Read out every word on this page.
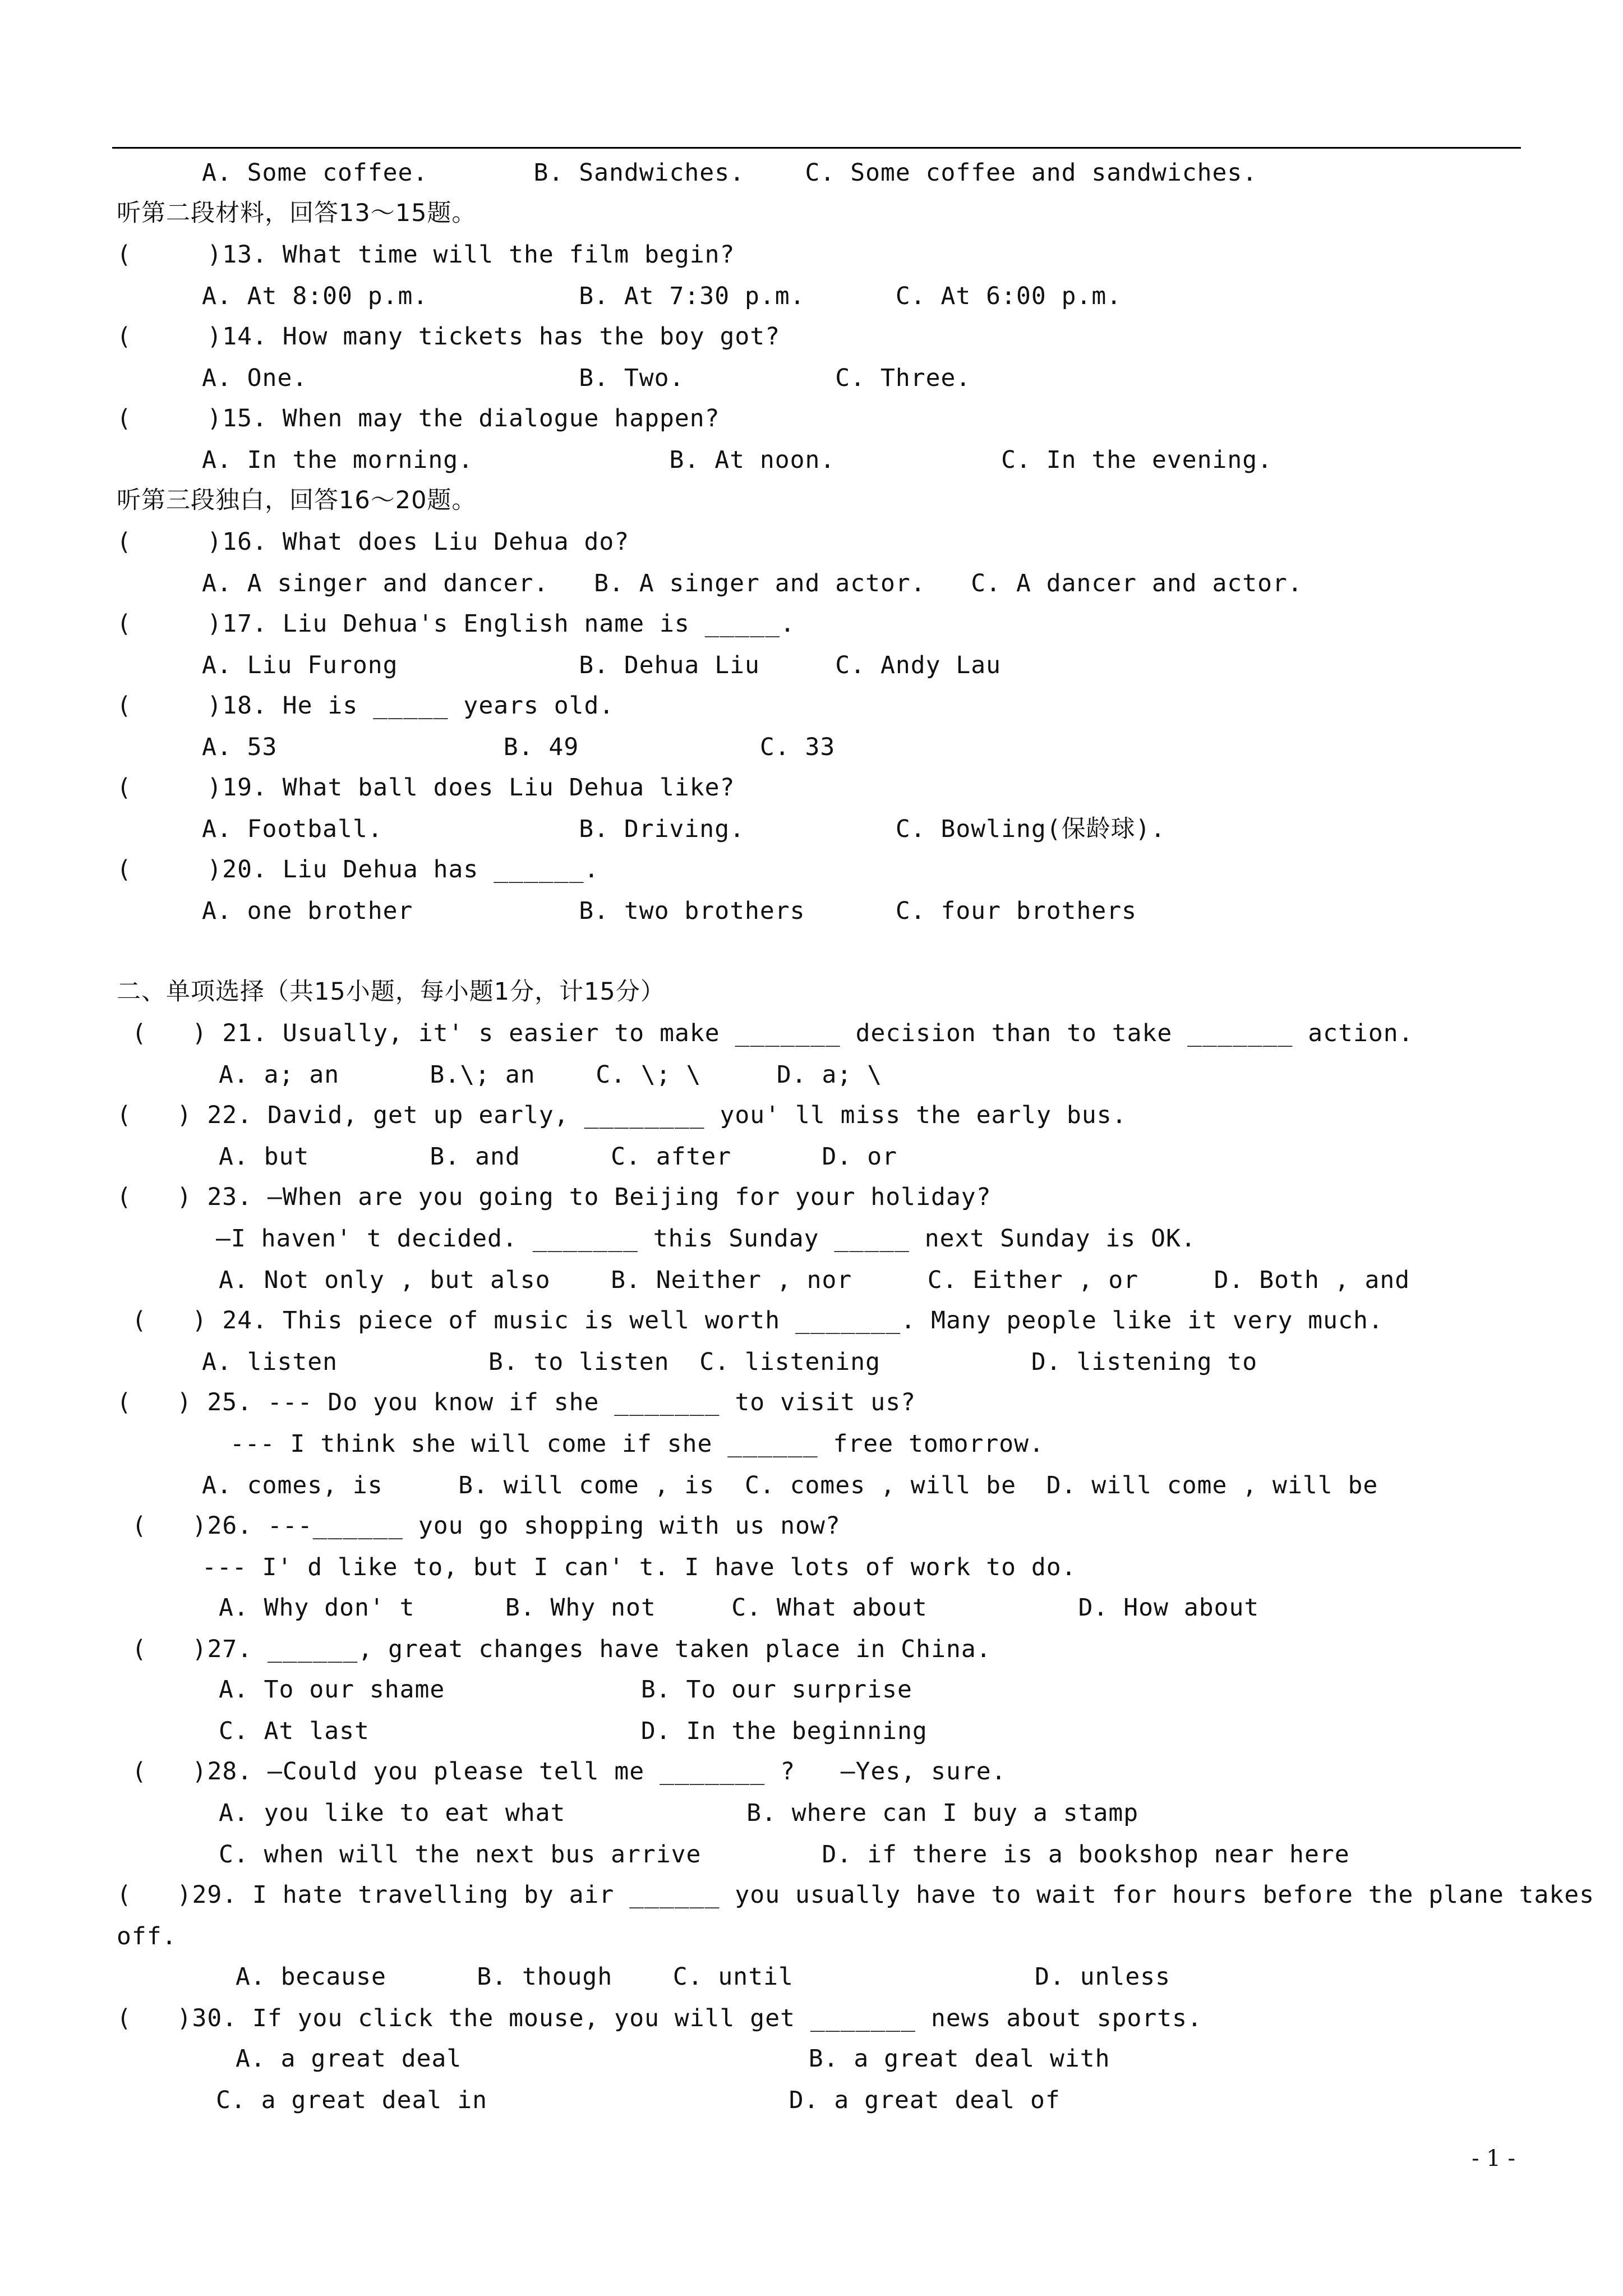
A. Some coffee.       B. Sandwiches.    C. Some coffee and sandwiches.
听第二段材料，回答13～15题。
(     )13. What time will the film begin?
A. At 8:00 p.m.          B. At 7:30 p.m.      C. At 6:00 p.m.
(     )14. How many tickets has the boy got?
A. One.                  B. Two.          C. Three.
(     )15. When may the dialogue happen?
A. In the morning.             B. At noon.           C. In the evening.
听第三段独白，回答16～20题。
(     )16. What does Liu Dehua do?
A. A singer and dancer.   B. A singer and actor.   C. A dancer and actor.
(     )17. Liu Dehua's English name is _____.
A. Liu Furong            B. Dehua Liu     C. Andy Lau
(     )18. He is _____ years old.
A. 53               B. 49            C. 33
(     )19. What ball does Liu Dehua like?
A. Football.             B. Driving.          C. Bowling(保龄球).
(     )20. Liu Dehua has ______.
A. one brother           B. two brothers      C. four brothers
二、单项选择（共15小题，每小题1分，计15分）
(   ) 21. Usually, it' s easier to make _______ decision than to take _______ action.
A. a; an      B.\; an    C. \; \     D. a; \
(   ) 22. David, get up early, ________ you' ll miss the early bus.
A. but        B. and      C. after      D. or
(   ) 23. —When are you going to Beijing for your holiday?
—I haven' t decided. _______ this Sunday _____ next Sunday is OK.
A. Not only , but also    B. Neither , nor     C. Either , or     D. Both , and
(   ) 24. This piece of music is well worth _______. Many people like it very much.
A. listen          B. to listen  C. listening          D. listening to
(   ) 25. --- Do you know if she _______ to visit us?
--- I think she will come if she ______ free tomorrow.
A. comes, is     B. will come , is  C. comes , will be  D. will come , will be
(   )26. ---______ you go shopping with us now?
--- I' d like to, but I can' t. I have lots of work to do.
A. Why don' t      B. Why not     C. What about          D. How about
(   )27. ______, great changes have taken place in China.
A. To our shame             B. To our surprise
C. At last                  D. In the beginning
(   )28. —Could you please tell me _______ ?   —Yes, sure.
A. you like to eat what            B. where can I buy a stamp
C. when will the next bus arrive        D. if there is a bookshop near here
(   )29. I hate travelling by air ______ you usually have to wait for hours before the plane takes
off.
A. because      B. though    C. until                D. unless
(   )30. If you click the mouse, you will get _______ news about sports.
A. a great deal                       B. a great deal with
C. a great deal in                    D. a great deal of
- 1 -
